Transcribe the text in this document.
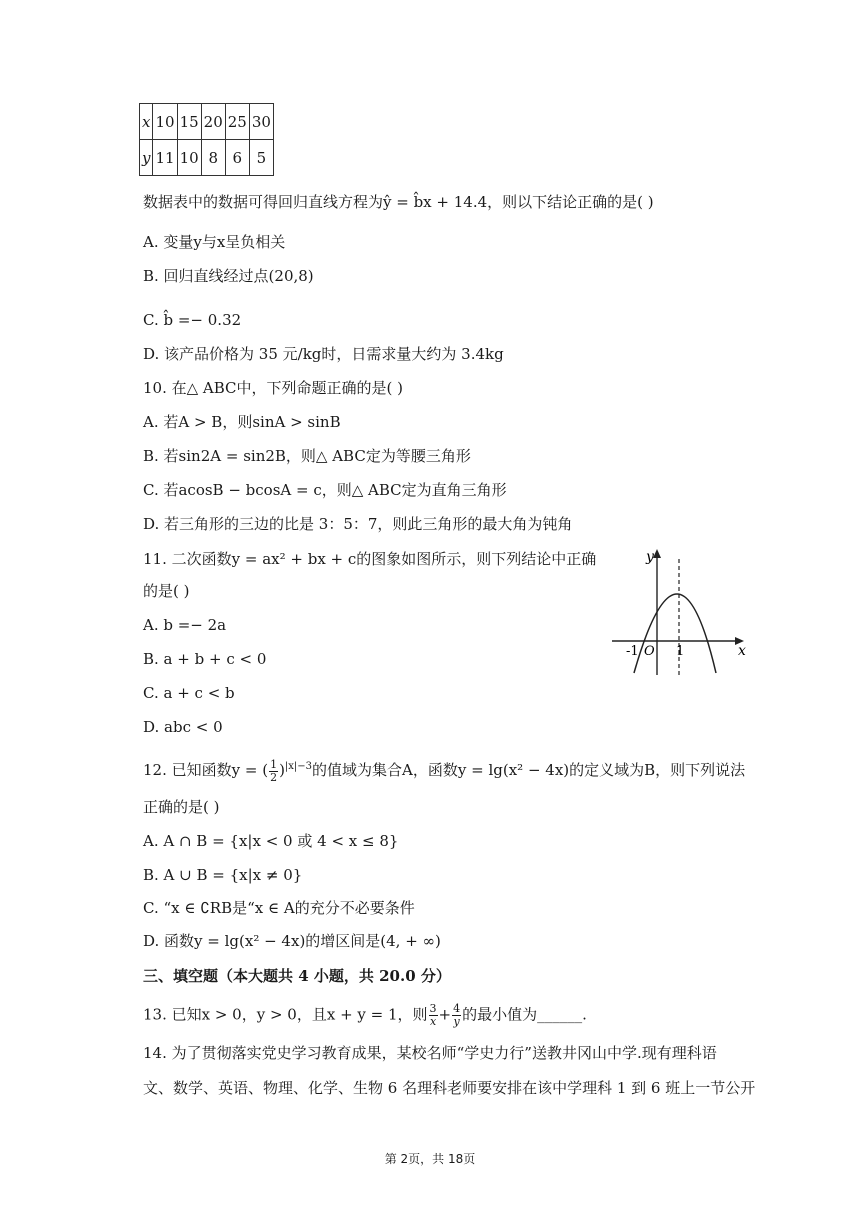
x	10	15	20	25	30
y	11	10	8	6	5
数据表中的数据可得回归直线方程为ŷ = b̂x + 14.4，则以下结论正确的是( )
A. 变量y与x呈负相关
B. 回归直线经过点(20,8)
C. b̂ =− 0.32
D. 该产品价格为 35 元/kg时，日需求量大约为 3.4kg
10. 在△ ABC中，下列命题正确的是( )
A. 若A > B，则sinA > sinB
B. 若sin2A = sin2B，则△ ABC定为等腰三角形
C. 若acosB − bcosA = c，则△ ABC定为直角三角形
D. 若三角形的三边的比是 3：5：7，则此三角形的最大角为钝角
11. 二次函数y = ax² + bx + c的图象如图所示，则下列结论中正确
的是( )
A. b =− 2a
B. a + b + c < 0
C. a + c < b
D. abc < 0
y
x
-1 O 1
12. 已知函数y = ( $\frac{1}{2} )^{|x|-3}$的值域为集合A，函数y = lg(x² − 4x)的定义域为B，则下列说法
正确的是( )
A. A ∩ B = {x|x < 0 或 4 < x ≤ 8}
B. A ∪ B = {x|x ≠ 0}
C. “x ∈ ∁RB是“x ∈ A的充分不必要条件
D. 函数y = lg(x² − 4x)的增区间是(4, + ∞)
三、填空题（本大题共 4 小题，共 20.0 分）
13. 已知x > 0，y > 0，且x + y = 1，则 $\frac{3}{x} + \frac{4}{y}$ 的最小值为______.
14. 为了贯彻落实党史学习教育成果，某校名师“学史力行”送教井冈山中学.现有理科语
文、数学、英语、物理、化学、生物 6 名理科老师要安排在该中学理科 1 到 6 班上一节公开
第 2页，共 18页
